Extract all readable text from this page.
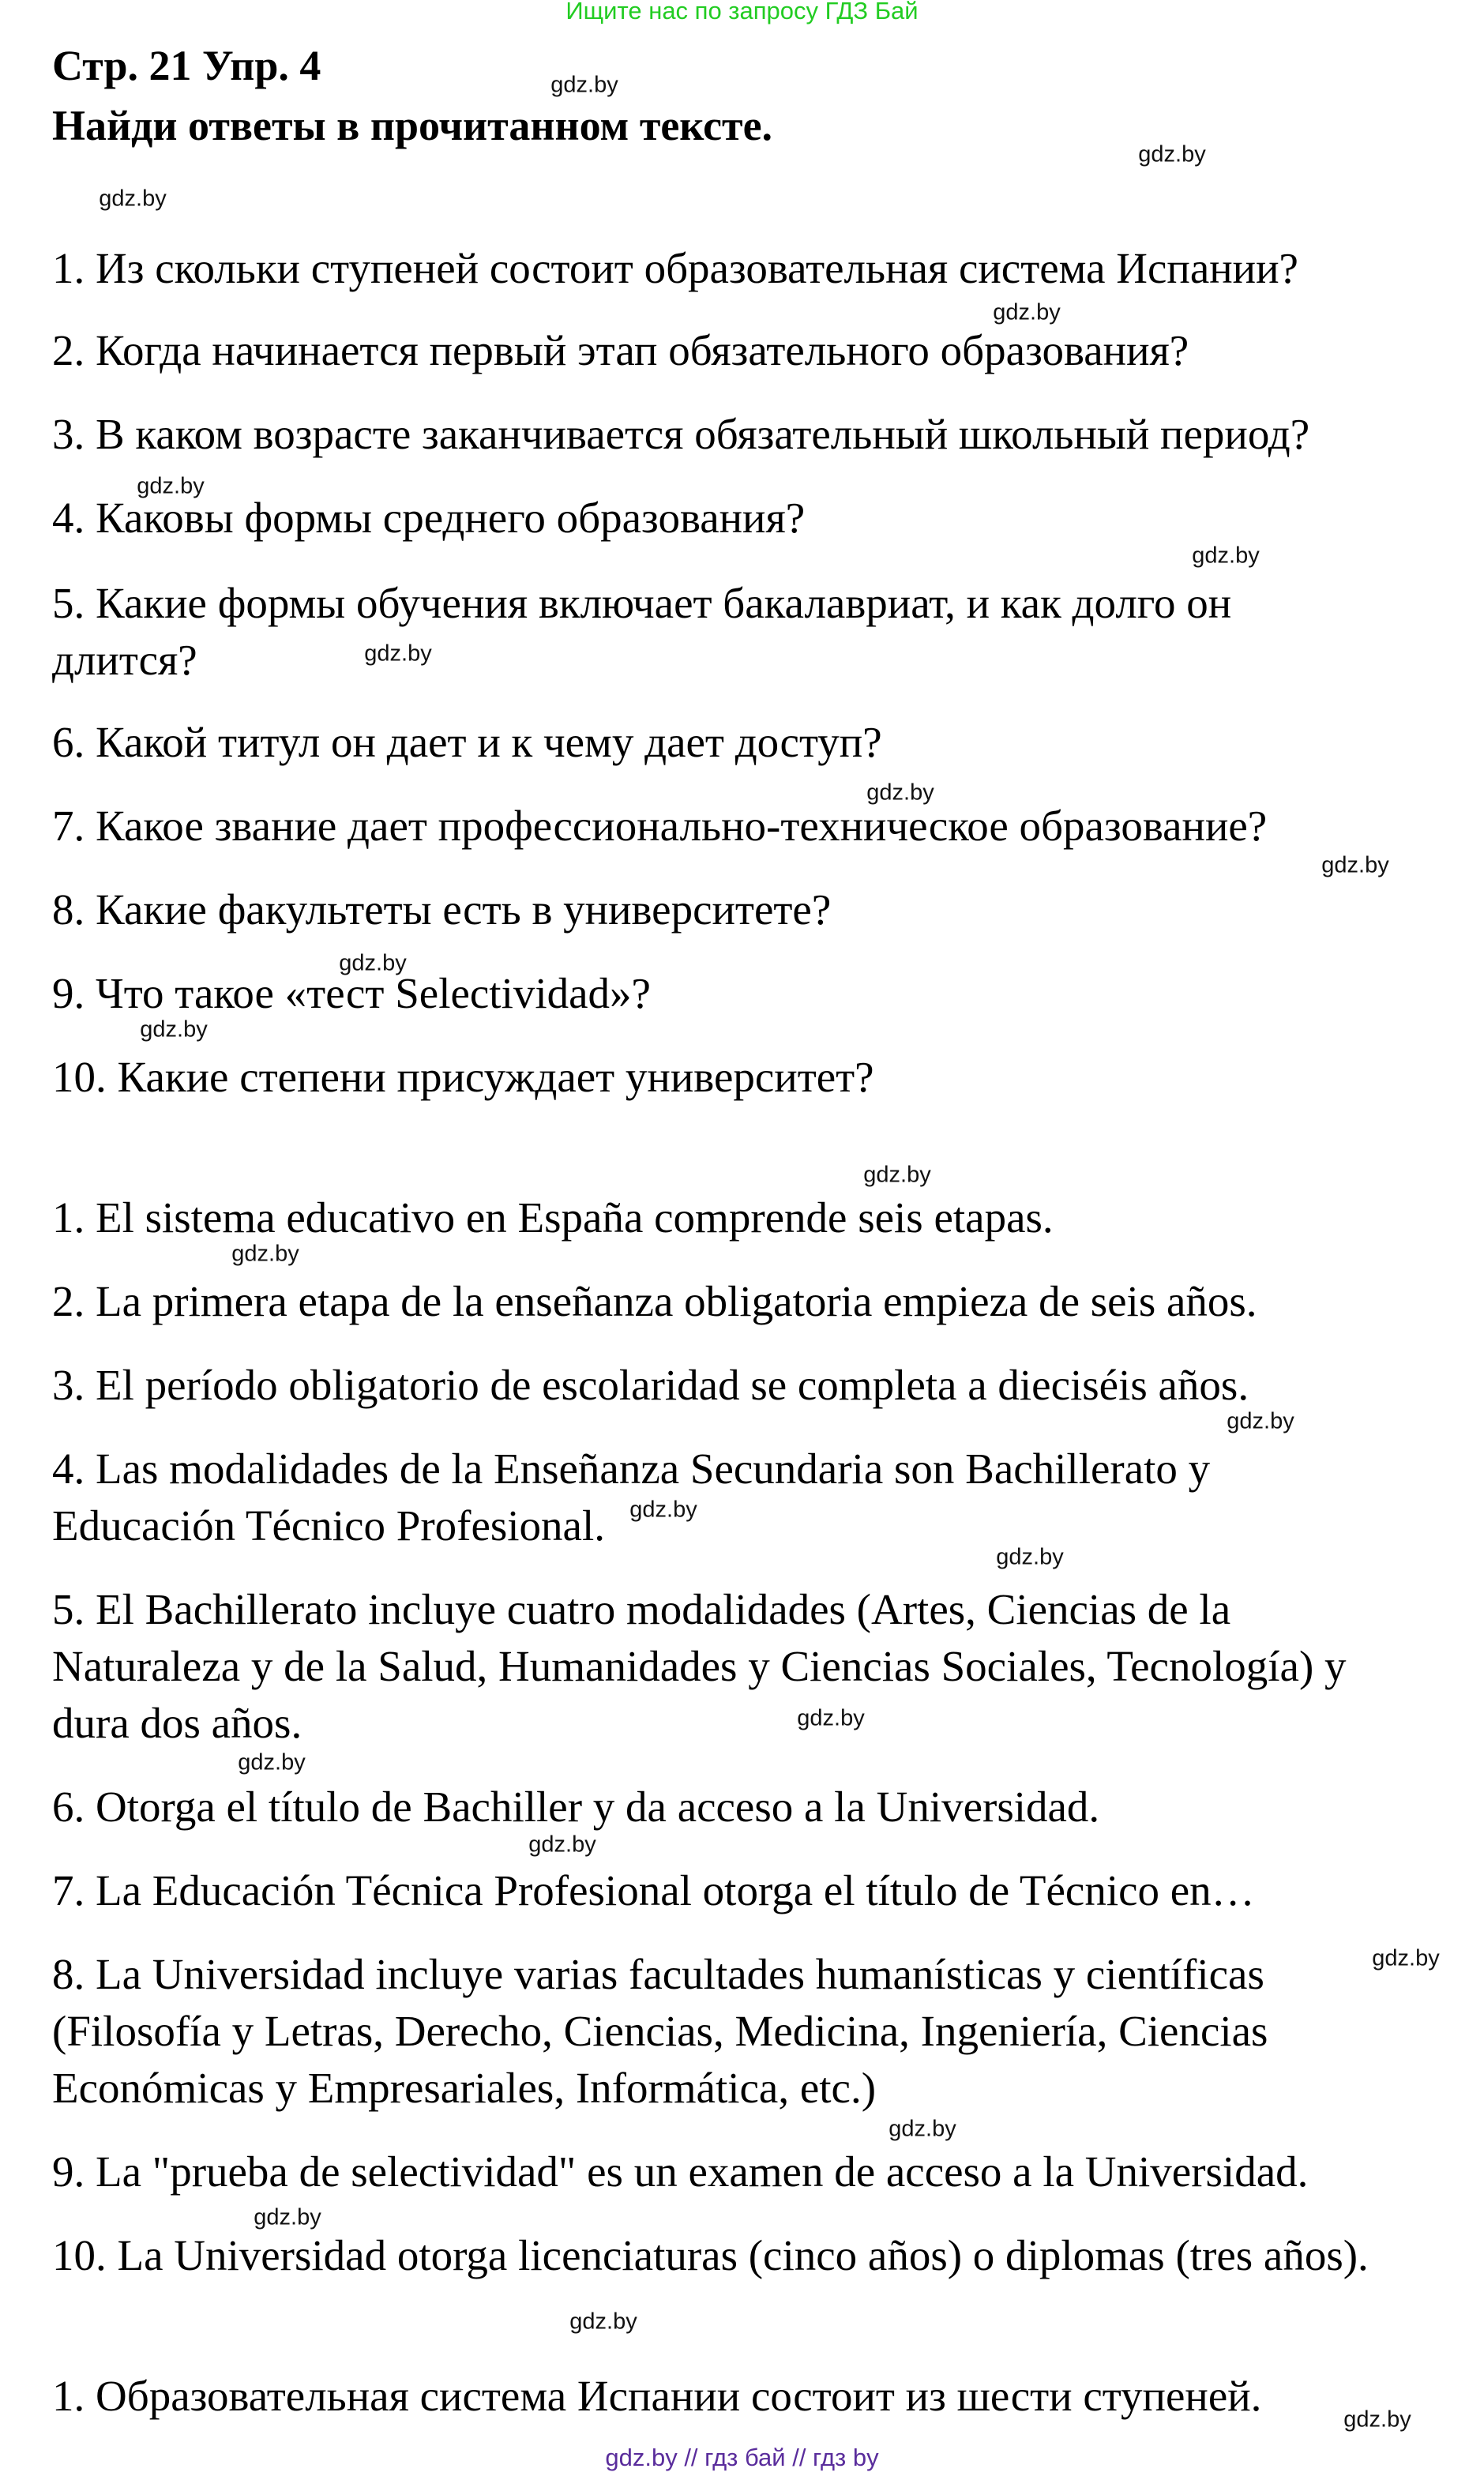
Ищите нас по запросу ГДЗ Бай
Стр. 21 Упр. 4
Найди ответы в прочитанном тексте.
1. Из скольки ступеней состоит образовательная система Испании?
2. Когда начинается первый этап обязательного образования?
3. В каком возрасте заканчивается обязательный школьный период?
4. Каковы формы среднего образования?
5. Какие формы обучения включает бакалавриат, и как долго он
длится?
6. Какой титул он дает и к чему дает доступ?
7. Какое звание дает профессионально-техническое образование?
8. Какие факультеты есть в университете?
9. Что такое «тест Selectividad»?
10. Какие степени присуждает университет?
1. El sistema educativo en España comprende seis etapas.
2. La primera etapa de la enseñanza obligatoria empieza de seis años.
3. El período obligatorio de escolaridad se completa a dieciséis años.
4. Las modalidades de la Enseñanza Secundaria son Bachillerato y
Educación Técnico Profesional.
5. El Bachillerato incluye cuatro modalidades (Artes, Ciencias de la
Naturaleza y de la Salud, Humanidades y Ciencias Sociales, Tecnología) y
dura dos años.
6. Otorga el título de Bachiller y da acceso a la Universidad.
7. La Educación Técnica Profesional otorga el título de Técnico en…
8. La Universidad incluye varias facultades humanísticas y científicas
(Filosofía y Letras, Derecho, Ciencias, Medicina, Ingeniería, Ciencias
Económicas y Empresariales, Informática, etc.)
9. La "prueba de selectividad" es un examen de acceso a la Universidad.
10. La Universidad otorga licenciaturas (cinco años) o diplomas (tres años).
1. Образовательная система Испании состоит из шести ступеней.
gdz.by
gdz.by
gdz.by
gdz.by
gdz.by
gdz.by
gdz.by
gdz.by
gdz.by
gdz.by
gdz.by
gdz.by
gdz.by
gdz.by
gdz.by
gdz.by
gdz.by
gdz.by
gdz.by
gdz.by
gdz.by
gdz.by
gdz.by
gdz.by
gdz.by // гдз бай // гдз by
